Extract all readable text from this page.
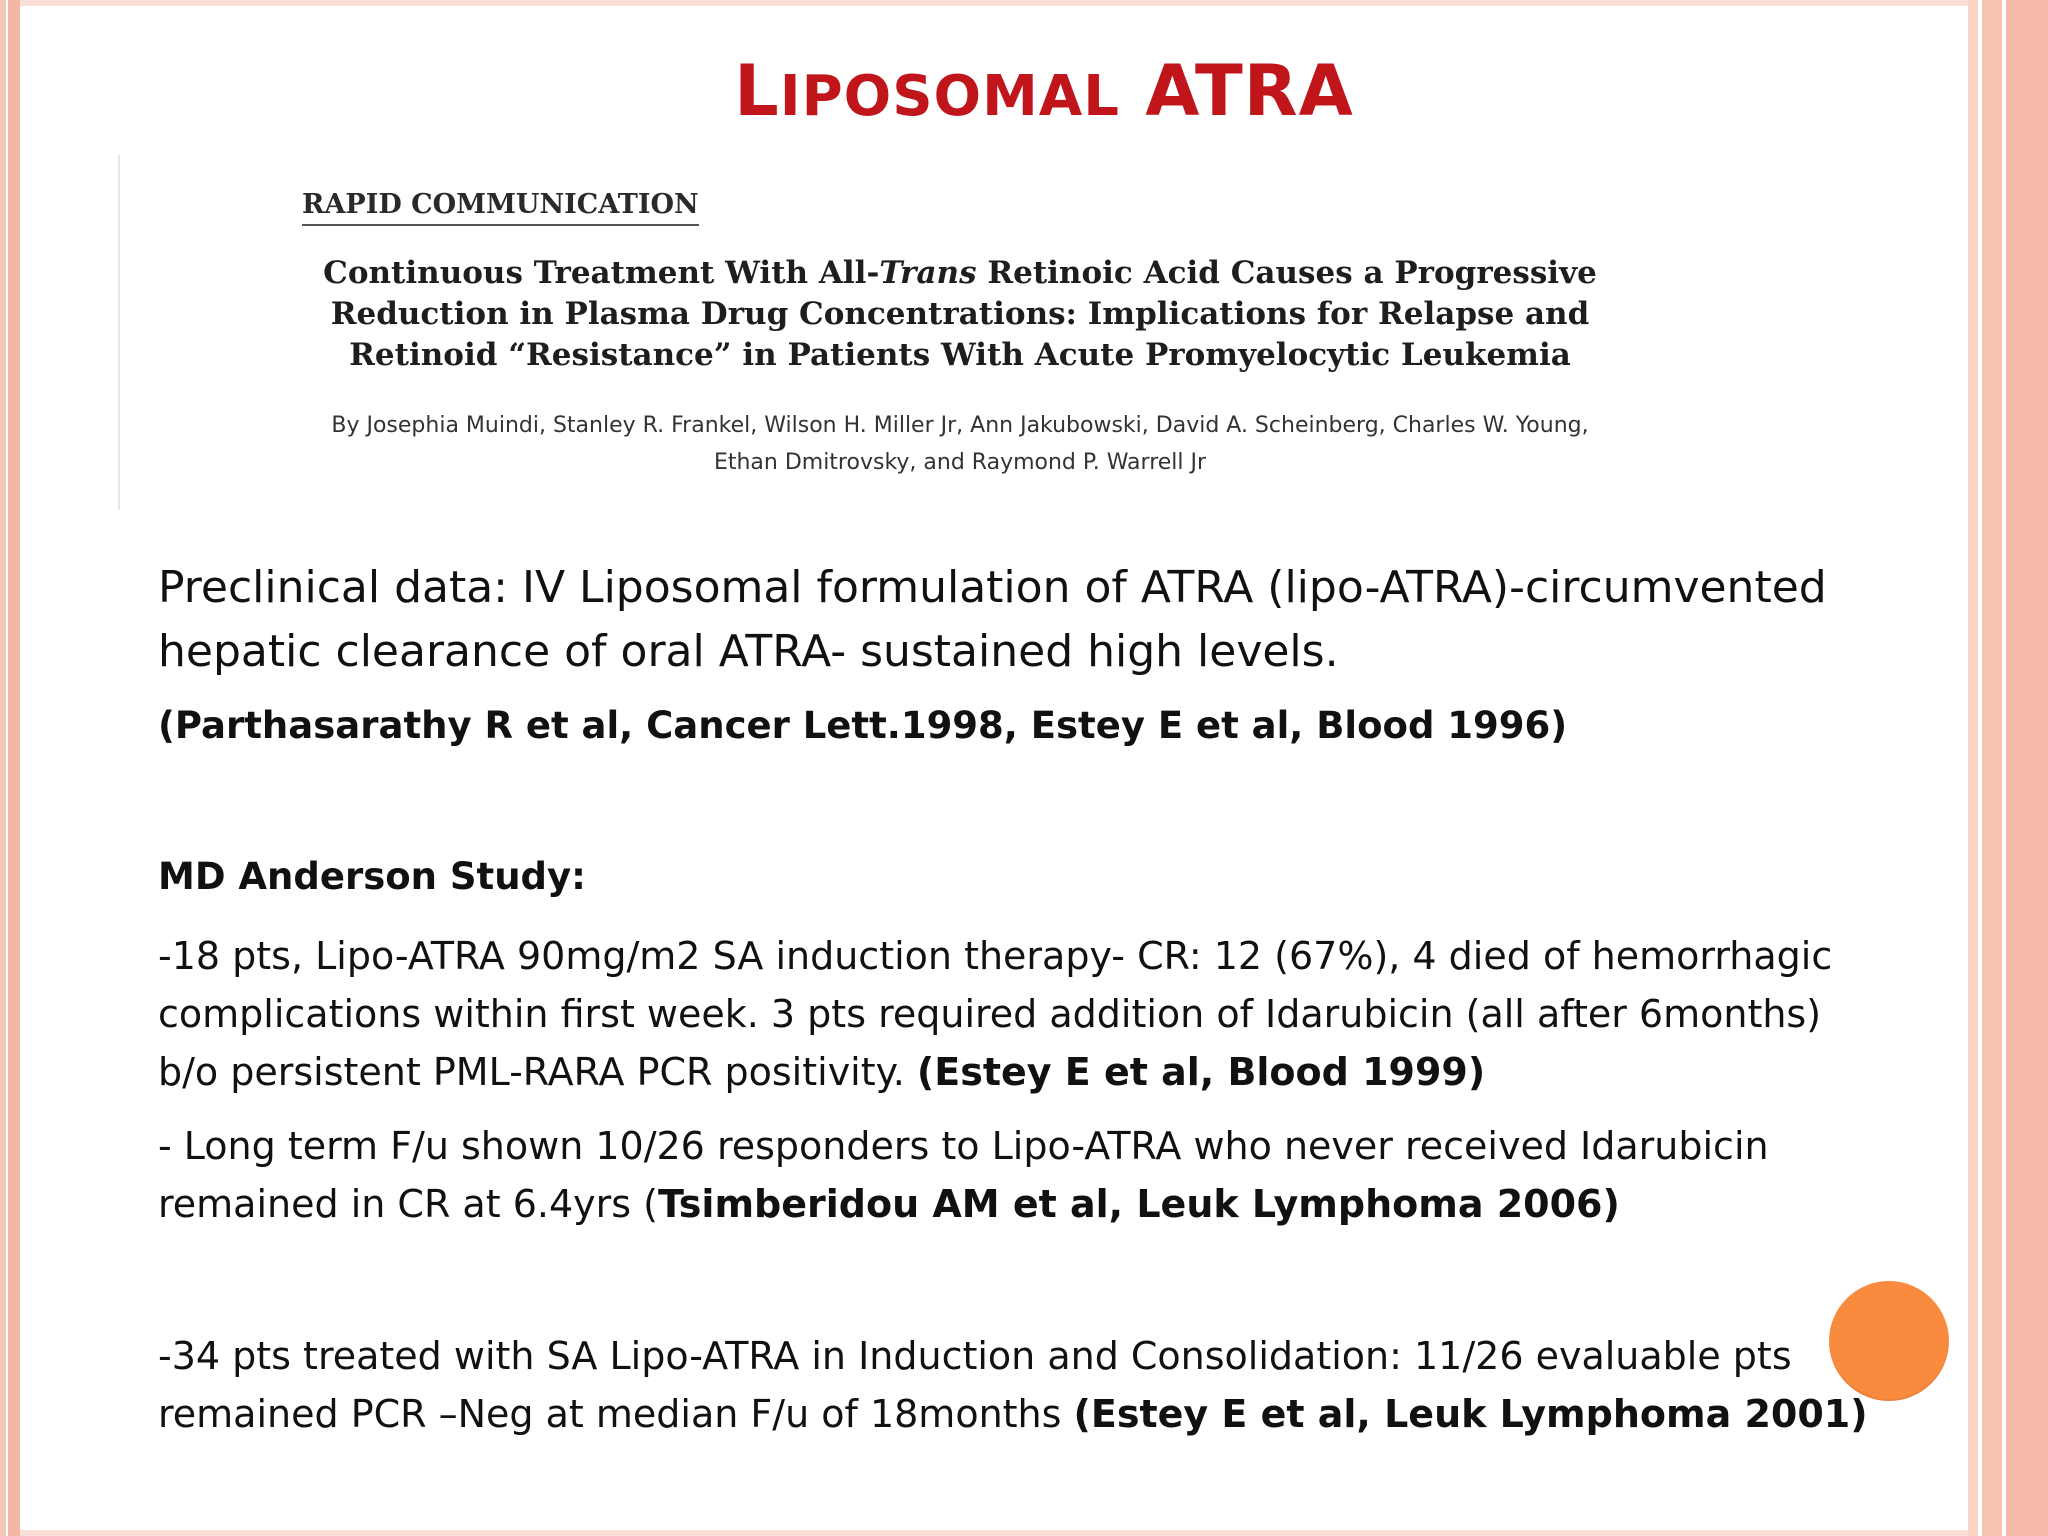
LIPOSOMAL ATRA
RAPID COMMUNICATION
Continuous Treatment With All-Trans Retinoic Acid Causes a Progressive
Reduction in Plasma Drug Concentrations: Implications for Relapse and
Retinoid “Resistance” in Patients With Acute Promyelocytic Leukemia
By Josephia Muindi, Stanley R. Frankel, Wilson H. Miller Jr, Ann Jakubowski, David A. Scheinberg, Charles W. Young,
Ethan Dmitrovsky, and Raymond P. Warrell Jr
Preclinical data: IV Liposomal formulation of ATRA (lipo-ATRA)-circumvented
hepatic clearance of oral ATRA- sustained high levels.
(Parthasarathy R et al, Cancer Lett.1998, Estey E et al, Blood 1996)
MD Anderson Study:
-18 pts, Lipo-ATRA 90mg/m2 SA induction therapy- CR: 12 (67%), 4 died of hemorrhagic
complications within first week. 3 pts required addition of Idarubicin (all after 6months)
b/o persistent PML-RARA PCR positivity. (Estey E et al, Blood 1999)
- Long term F/u shown 10/26 responders to Lipo-ATRA who never received Idarubicin
remained in CR at 6.4yrs (Tsimberidou AM et al, Leuk Lymphoma 2006)
-34 pts treated with SA Lipo-ATRA in Induction and Consolidation: 11/26 evaluable pts
remained PCR –Neg at median F/u of 18months (Estey E et al, Leuk Lymphoma 2001)
